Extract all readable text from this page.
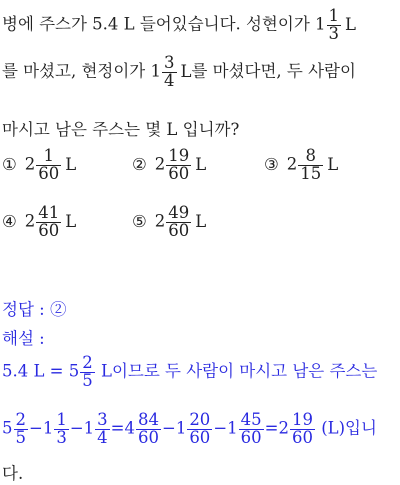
병에 주스가 5.4 L 들어있습니다. 성현이가 $1 \frac{1}{3}$ L
를 마셨고, 현정이가 $1 \frac{3}{4}$ L를 마셨다면, 두 사람이
마시고 남은 주스는 몇 L 입니까?
① $2 \frac{1}{60}$ L	② $2 \frac{19}{60}$ L	③ $2 \frac{8}{15}$ L
④ $2 \frac{41}{60}$ L	⑤ $2 \frac{49}{60}$ L
정답 : ②
해설 :
5.4 $L = 5 \frac{2}{5}$ L이므로 두 사람이 마시고 남은 주스는
$5 \frac{2}{5} -1 \frac{1}{3} -1 \frac{3}{4} =4 \frac{84}{60} -1 \frac{20}{60} -1 \frac{45}{60} =2 \frac{19}{60} (L)$입니
다.
